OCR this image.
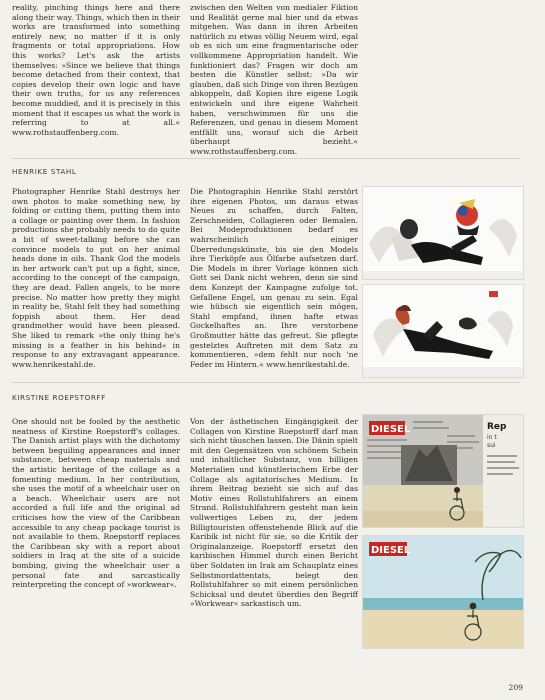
reality, pinching things here and there along their way. Things, which then in their works are transformed into something entirely new, no matter if it is only fragments or total appropriations. How this works? Let's ask the artists themselves: »Since we believe that things become detached from their context, that copies develop their own logic and have their own truths, for us any references become muddied, and it is precisely in this moment that it escapes us what the work is referring to at all.« www.rothstauffenberg.com.

zwischen den Welten von medialer Fiktion und Realität gerne mal hier und da etwas mitgehen. Was dann in ihren Arbeiten natürlich zu etwas völlig Neuem wird, egal ob es sich um eine fragmentarische oder vollkommene Appropriation handelt. Wie funktioniert das? Fragen wir doch am besten die Künstler selbst: »Da wir glauben, daß sich Dinge von ihren Bezügen abkoppeln, daß Kopien ihre eigene Logik entwickeln und ihre eigene Wahrheit haben, verschwimmen für uns die Referenzen, und genau in diesem Moment entfällt uns, worauf sich die Arbeit überhaupt bezieht.« www.rothstauffenberg.com.

HENRIKE STAHL

Photographer Henrike Stahl destroys her own photos to make something new, by folding or cutting them, putting them into a collage or painting over them. In fashion productions she probably needs to do quite a bit of sweet-talking before she can convince models to put on her animal heads done in oils. Thank God the models in her artwork can't put up a fight, since, according to the concept of the campaign, they are dead. Fallen angels, to be more precise. No matter how pretty they might in reality be, Stahl felt they had something foppish about them. Her dead grandmother would have been pleased. She liked to remark »the only thing he's missing is a feather in his behind« in response to any extravagant appearance. www.henrikestahl.de.

Die Photographin Henrike Stahl zerstört ihre eigenen Photos, um daraus etwas Neues zu schaffen, durch Falten, Zerschneiden, Collagieren oder Bemalen. Bei Modeproduktionen bedarf es wahrscheinlich einiger Überredungskünste, bis sie den Models ihre Tierköpfe aus Ölfarbe aufsetzen darf. Die Models in ihrer Vorlage können sich Gott sei Dank nicht wehren, denn sie sind dem Konzept der Kampagne zufolge tot. Gefallene Engel, um genau zu sein. Egal wie hübsch sie eigentlich sein mögen, Stahl empfand, ihnen hafte etwas Gockelhaftes an. Ihre verstorbene Großmutter hätte das gefreut. Sie pflegte gestelztes Auftreten mit dem Satz zu kommentieren, »dem fehlt nur noch 'ne Feder im Hintern.« www.henrikestahl.de.

KIRSTINE ROEPSTORFF

One should not be fooled by the aesthetic neatness of Kirstine Roepstorff's collages. The Danish artist plays with the dichotomy between beguiling appearances and inner substance, between cheap materials and the artistic heritage of the collage as a fomenting medium. In her contribution, she uses the motif of a wheelchair user on a beach. Wheelchair users are not accorded a full life and the original ad criticises how the view of the Caribbean accessible to any cheap package tourist is not available to them. Roepstorff replaces the Caribbean sky with a report about soldiers in Iraq at the site of a suicide bombing, giving the wheelchair user a personal fate and sarcastically reinterpreting the concept of »workwear«.

Von der ästhetischen Eingängigkeit der Collagen von Kirstine Roepstorff darf man sich nicht täuschen lassen. Die Dänin spielt mit den Gegensätzen von schönem Schein und inhaltlicher Substanz, von billigen Materialien und künstlerischem Erbe der Collage als agitatorisches Medium. In ihrem Beitrag bezieht sie sich auf das Motiv eines Rollstuhlfahrers an einem Strand. Rollstuhlfahrern gesteht man kein vollwertiges Leben zu, der jedem Billigtouristen offenstehende Blick auf die Karibik ist nicht für sie, so die Kritik der Originalanzeige. Roepstorff ersetzt den karibischen Himmel durch einen Bericht über Soldaten im Irak am Schauplatz eines Selbstmordattentats, belegt den Rollstuhlfahrer so mit einem persönlichen Schicksal und deutet überdies den Begriff »Workwear« sarkastisch um.

Rep
in t
sui
DIESEL
DIESEL
209
